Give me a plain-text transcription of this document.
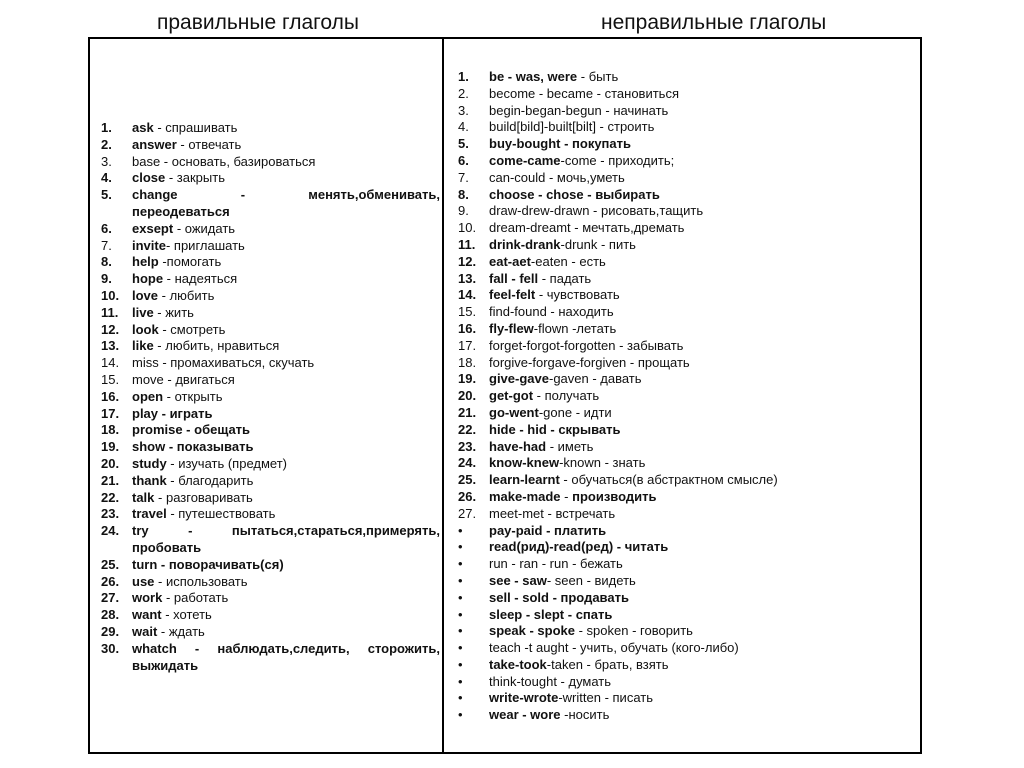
правильные глаголы	неправильные глаголы
1. ask - спрашивать
2. answer - отвечать
3. base - основать, базироваться
4. close - закрыть
5. change	-	менять,обменивать,
переодеваться
6. exsept - ожидать
7. invite- приглашать
8. help -помогать
9. hope - надеяться
10. love - любить
11. live - жить
12. look - смотреть
13. like - любить, нравиться
14. miss - промахиваться, скучать
15. move - двигаться
16. open - открыть
17. play - играть
18. promise - обещать
19. show - показывать
20. study - изучать (предмет)
21. thank - благодарить
22. talk - разговаривать
23. travel - путешествовать
24. try	-	пытаться,стараться,примерять,
пробовать
25. turn - поворачивать(ся)
26. use - использовать
27. work - работать
28. want - хотеть
29. wait - ждать
30. whatch - наблюдать,следить, сторожить,
выжидать
1. be - was, were - быть
2. become - became - становиться
3. begin-began-begun - начинать
4. build[bild]-built[bilt] - строить
5. buy-bought - покупать
6. come-came-come - приходить;
7. can-could - мочь,уметь
8. choose - chose - выбирать
9. draw-drew-drawn - рисовать,тащить
10. dream-dreamt - мечтать,дремать
11. drink-drank-drunk - пить
12. eat-aet-eaten - есть
13. fall - fell - падать
14. feel-felt - чувствовать
15. find-found - находить
16. fly-flew-flown -летать
17. forget-forgot-forgotten - забывать
18. forgive-forgave-forgiven - прощать
19. give-gave-gaven - давать
20. get-got - получать
21. go-went-gone - идти
22. hide - hid - скрывать
23. have-had - иметь
24. know-knew-known - знать
25. learn-learnt - обучаться(в абстрактном смысле)
26. make-made - производить
27. meet-met - встречать
• pay-paid - платить
• read(рид)-read(ред) - читать
• run - ran - run - бежать
• see - saw- seen - видеть
• sell - sold - продавать
• sleep - slept - спать
• speak - spoke - spoken - говорить
• teach -t aught - учить, обучать (кого-либо)
• take-took-taken - брать, взять
• think-tought - думать
• write-wrote-written - писать
• wear - wore -носить
